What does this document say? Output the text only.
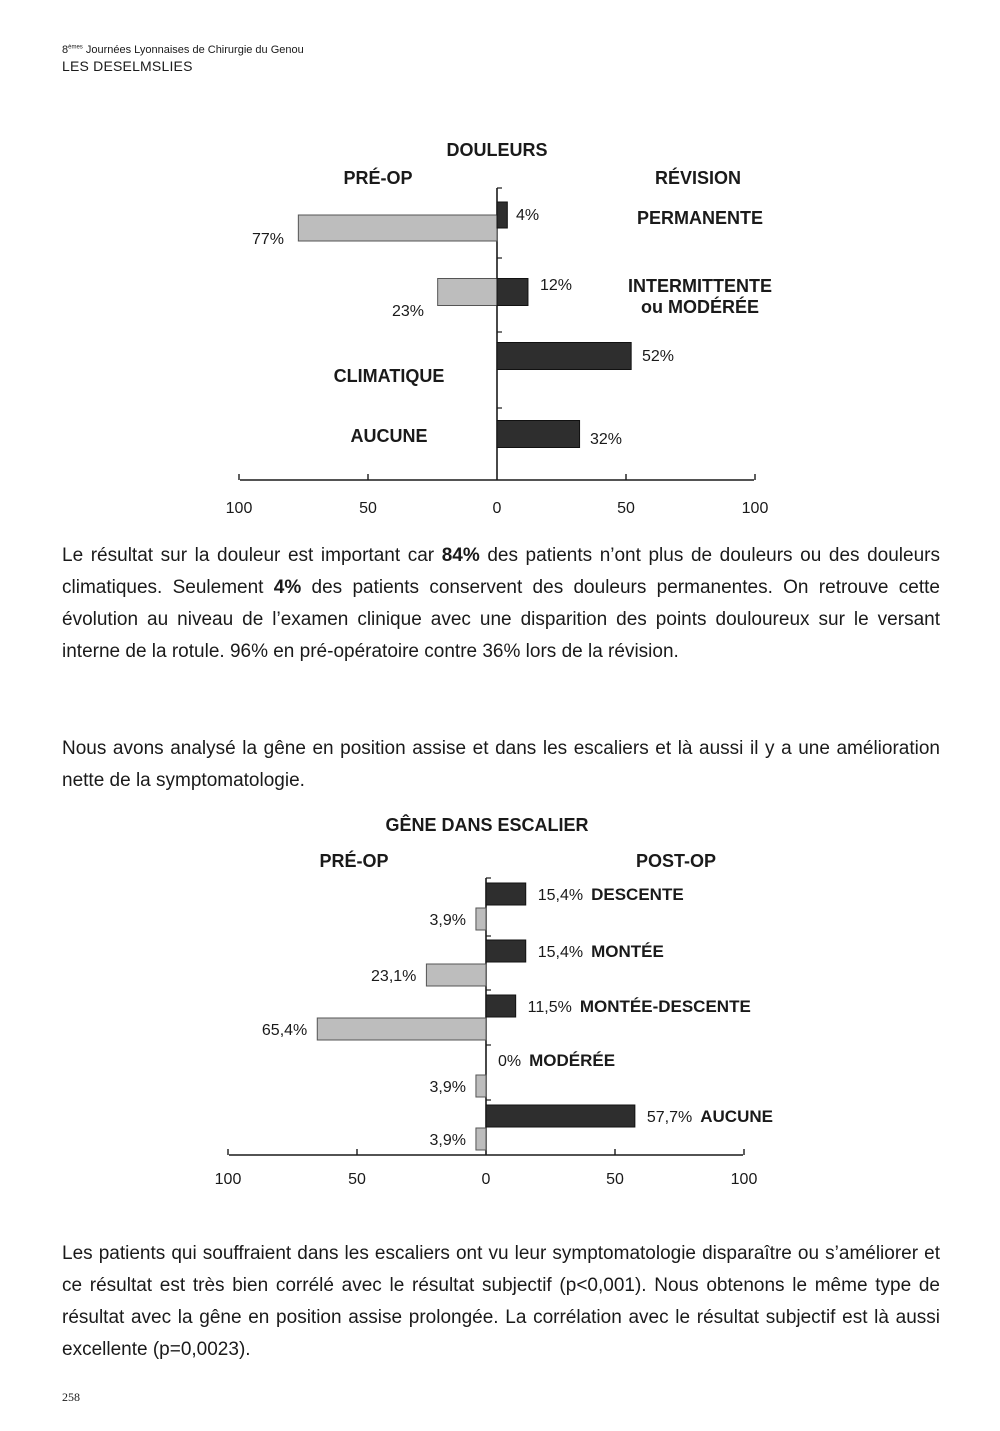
8èmes Journées Lyonnaises de Chirurgie du Genou
LES DESELMSLIES
DOULEURS
PRÉ-OP	RÉVISION
100	50	0	50	100
77%
23%
4%
12%
52%
32%
PERMANENTE
INTERMITTENTE
ou MODÉRÉE
CLIMATIQUE
AUCUNE

Le résultat sur la douleur est important car 84% des patients n’ont plus de douleurs ou des douleurs climatiques. Seulement 4% des patients conservent des douleurs permanentes. On retrouve cette évolution au niveau de l’examen clinique avec une disparition des points douloureux sur le versant interne de la rotule. 96% en pré-opératoire contre 36% lors de la révision.

Nous avons analysé la gêne en position assise et dans les escaliers et là aussi il y a une amélioration nette de la symptomatologie.

GÊNE DANS ESCALIER
PRÉ-OP	POST-OP
100	50	0	50	100
3,9%
15,4% DESCENTE
23,1%
15,4% MONTÉE
65,4%
11,5% MONTÉE-DESCENTE
3,9%
0% MODÉRÉE
3,9%
57,7% AUCUNE

Les patients qui souffraient dans les escaliers ont vu leur symptomatologie disparaître ou s’améliorer et ce résultat est très bien corrélé avec le résultat subjectif (p<0,001). Nous obtenons le même type de résultat avec la gêne en position assise prolongée. La corrélation avec le résultat subjectif est là aussi excellente (p=0,0023).

258
